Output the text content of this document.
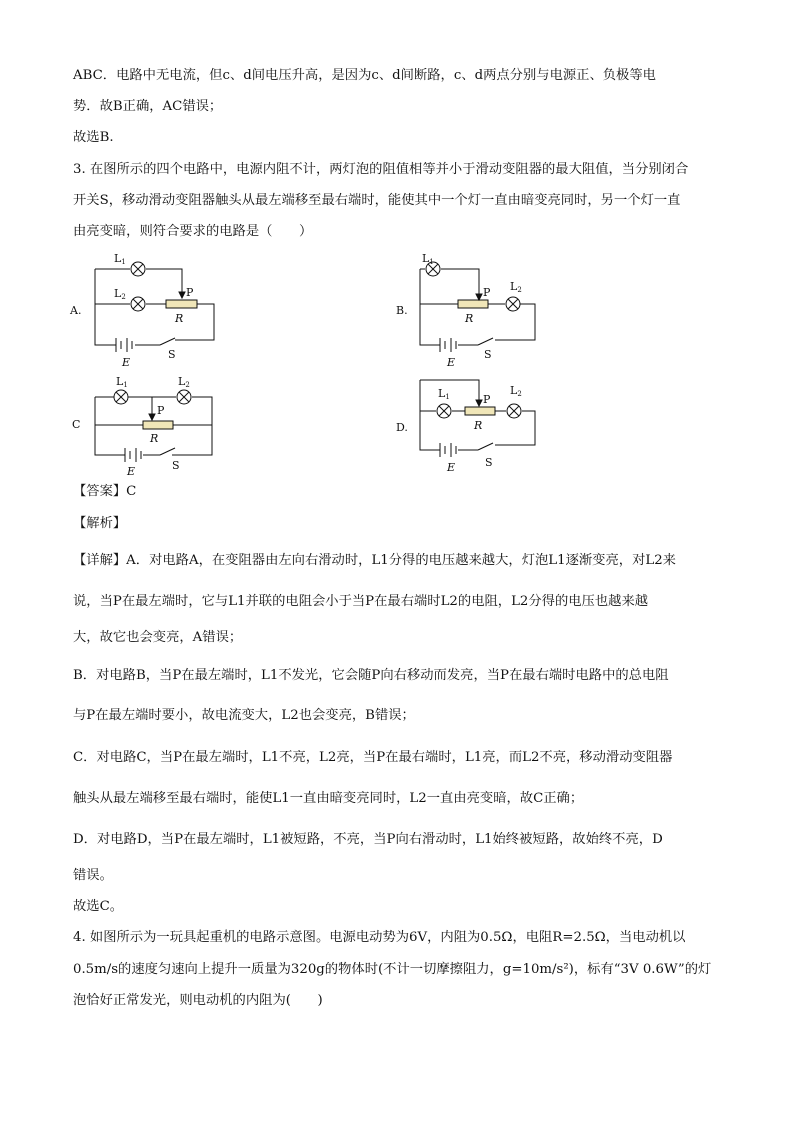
ABC．电路中无电流，但c、d间电压升高，是因为c、d间断路，c、d两点分别与电源正、负极等电
势．故B正确，AC错误；
故选B.
3. 在图所示的四个电路中，电源内阻不计，两灯泡的阻值相等并小于滑动变阻器的最大阻值，当分别闭合
开关S，移动滑动变阻器触头从最左端移至最右端时，能使其中一个灯一直由暗变亮同时，另一个灯一直
由亮变暗，则符合要求的电路是（　　）
A.
L1
L2	P
R
E
S
B.
L1
L2
P
R
E
S
C
L1	L2
P
R
E	S
D.
L1	L2
P
R
E	S
【答案】C
【解析】
【详解】A．对电路A，在变阻器由左向右滑动时，L1分得的电压越来越大，灯泡L1逐渐变亮，对L2来
说，当P在最左端时，它与L1并联的电阻会小于当P在最右端时L2的电阻，L2分得的电压也越来越
大，故它也会变亮，A错误；
B．对电路B，当P在最左端时，L1不发光，它会随P向右移动而发亮，当P在最右端时电路中的总电阻
与P在最左端时要小，故电流变大，L2也会变亮，B错误；
C．对电路C，当P在最左端时，L1不亮，L2亮，当P在最右端时，L1亮，而L2不亮，移动滑动变阻器
触头从最左端移至最右端时，能使L1一直由暗变亮同时，L2一直由亮变暗，故C正确；
D．对电路D，当P在最左端时，L1被短路，不亮，当P向右滑动时，L1始终被短路，故始终不亮，D
错误。
故选C。
4. 如图所示为一玩具起重机的电路示意图。电源电动势为6V，内阻为0.5Ω，电阻R=2.5Ω，当电动机以
0.5m/s的速度匀速向上提升一质量为320g的物体时(不计一切摩擦阻力，g=10m/s²)，标有“3V 0.6W”的灯
泡恰好正常发光，则电动机的内阻为(　　)
